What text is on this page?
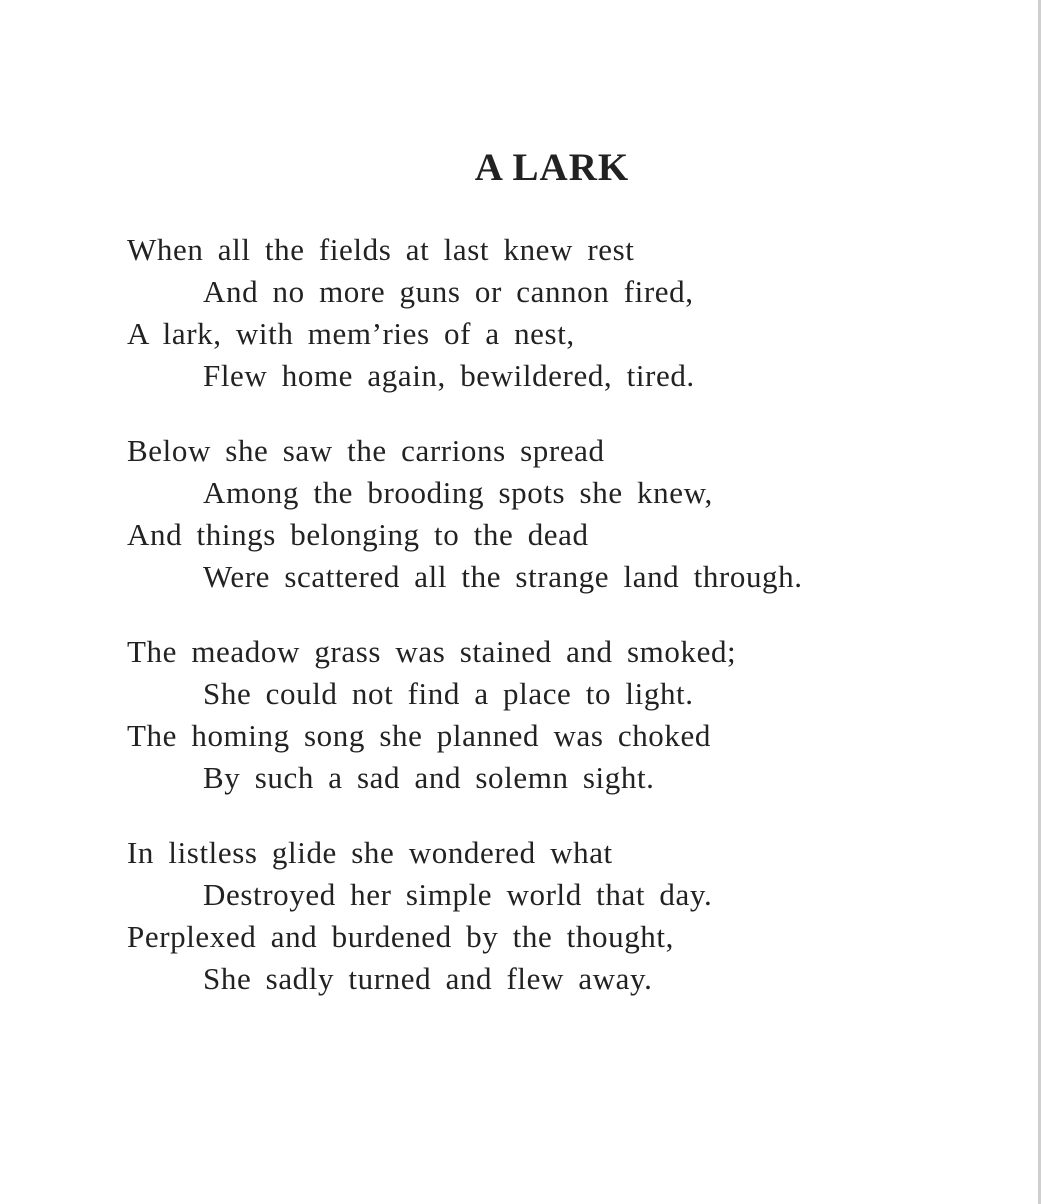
A LARK
When all the fields at last knew rest
And no more guns or cannon fired,
A lark, with mem’ries of a nest,
Flew home again, bewildered, tired.
Below she saw the carrions spread
Among the brooding spots she knew,
And things belonging to the dead
Were scattered all the strange land through.
The meadow grass was stained and smoked;
She could not find a place to light.
The homing song she planned was choked
By such a sad and solemn sight.
In listless glide she wondered what
Destroyed her simple world that day.
Perplexed and burdened by the thought,
She sadly turned and flew away.
